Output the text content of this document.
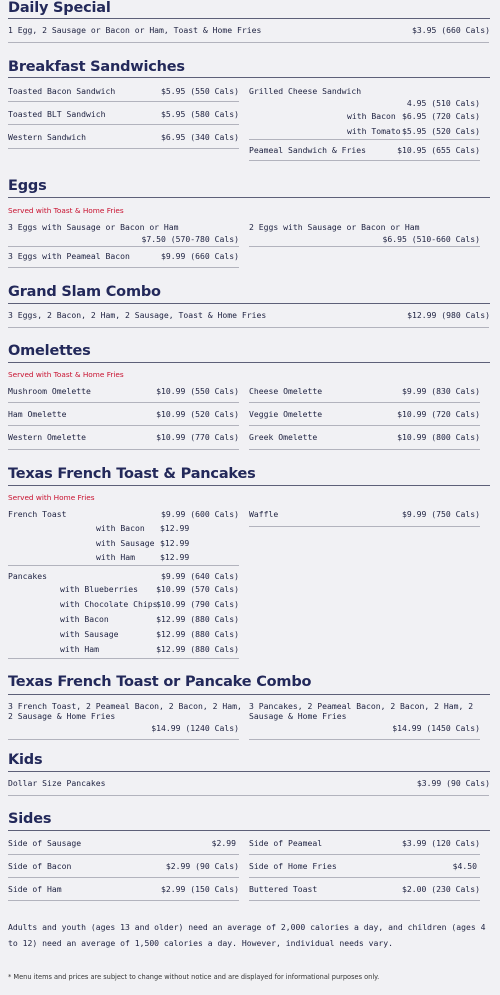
Daily Special
1 Egg, 2 Sausage or Bacon or Ham, Toast & Home Fries	$3.95 (660 Cals)
Breakfast Sandwiches
Toasted Bacon Sandwich	$5.95 (550 Cals)
Toasted BLT Sandwich	$5.95 (580 Cals)
Western Sandwich	$6.95 (340 Cals)
Grilled Cheese Sandwich
4.95 (510 Cals)
with Bacon $6.95 (720 Cals)
with Tomato $5.95 (520 Cals)
Peameal Sandwich & Fries	$10.95 (655 Cals)
Eggs
Served with Toast & Home Fries
3 Eggs with Sausage or Bacon or Ham
$7.50 (570-780 Cals)
3 Eggs with Peameal Bacon	$9.99 (660 Cals)
2 Eggs with Sausage or Bacon or Ham
$6.95 (510-660 Cals)
Grand Slam Combo
3 Eggs, 2 Bacon, 2 Ham, 2 Sausage, Toast & Home Fries	$12.99 (980 Cals)
Omelettes
Served with Toast & Home Fries
Mushroom Omelette	$10.99 (550 Cals)
Ham Omelette	$10.99 (520 Cals)
Western Omelette	$10.99 (770 Cals)
Cheese Omelette	$9.99 (830 Cals)
Veggie Omelette	$10.99 (720 Cals)
Greek Omelette	$10.99 (800 Cals)
Texas French Toast & Pancakes
Served with Home Fries
French Toast	$9.99 (600 Cals)
with Bacon $12.99
with Sausage $12.99
with Ham	$12.99
Pancakes	$9.99 (640 Cals)
with Blueberries $10.99 (570 Cals)
with Chocolate Chips
$10.99 (790 Cals)
with Bacon	$12.99 (880 Cals)
with Sausage	$12.99 (880 Cals)
with Ham	$12.99 (880 Cals)
Waffle	$9.99 (750 Cals)
Texas French Toast or Pancake Combo
3 French Toast, 2 Peameal Bacon, 2 Bacon, 2 Ham,
2 Sausage & Home Fries
$14.99 (1240 Cals)
3 Pancakes, 2 Peameal Bacon, 2 Bacon, 2 Ham, 2
Sausage & Home Fries
$14.99 (1450 Cals)
Kids
Dollar Size Pancakes	$3.99 (90 Cals)
Sides
Side of Sausage	$2.99
Side of Bacon	$2.99 (90 Cals)
Side of Ham	$2.99 (150 Cals)
Side of Peameal	$3.99 (120 Cals)
Side of Home Fries	$4.50
Buttered Toast	$2.00 (230 Cals)
Adults and youth (ages 13 and older) need an average of 2,000 calories a day, and children (ages 4 to 12) need an average of 1,500 calories a day. However, individual needs vary.
* Menu items and prices are subject to change without notice and are displayed for informational purposes only.
